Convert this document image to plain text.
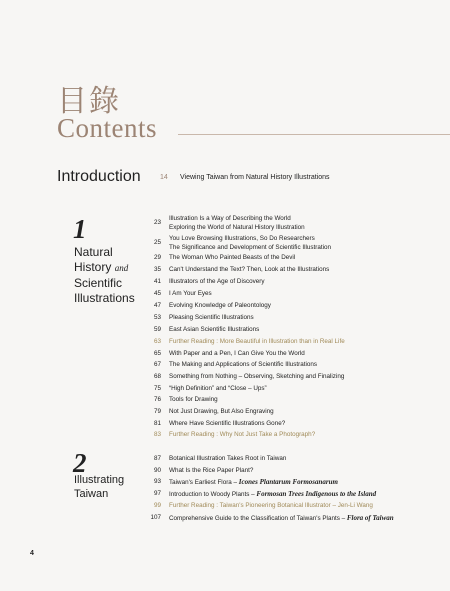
目錄
Contents
Introduction	14 Viewing Taiwan from Natural History Illustrations
1
Natural
History and
Scientific
Illustrations
23
Illustration Is a Way of Describing the World
Exploring the World of Natural History Illustration
25
You Love Browsing Illustrations, So Do Researchers
The Significance and Development of Scientific Illustration
29 The Woman Who Painted Beasts of the Devil
35 Can't Understand the Text? Then, Look at the Illustrations
41 Illustrators of the Age of Discovery
45 I Am Your Eyes
47 Evolving Knowledge of Paleontology
53 Pleasing Scientific Illustrations
59 East Asian Scientific Illustrations
63 Further Reading : More Beautiful in Illustration than in Real Life
65 With Paper and a Pen, I Can Give You the World
67 The Making and Applications of Scientific Illustrations
68 Something from Nothing – Observing, Sketching and Finalizing
75 “High Definition” and “Close – Ups”
76 Tools for Drawing
79 Not Just Drawing, But Also Engraving
81 Where Have Scientific Illustrations Gone?
83 Further Reading : Why Not Just Take a Photograph?
2
Illustrating
Taiwan
87 Botanical Illustration Takes Root in Taiwan
90 What Is the Rice Paper Plant?
93 Taiwan's Earliest Flora – Icones Plantarum Formosanarum
97 Introduction to Woody Plants – Formosan Trees Indigenous to the Island
99 Further Reading : Taiwan's Pioneering Botanical Illustrator – Jen-Li Wang
107 Comprehensive Guide to the Classification of Taiwan's Plants – Flora of Taiwan
4
